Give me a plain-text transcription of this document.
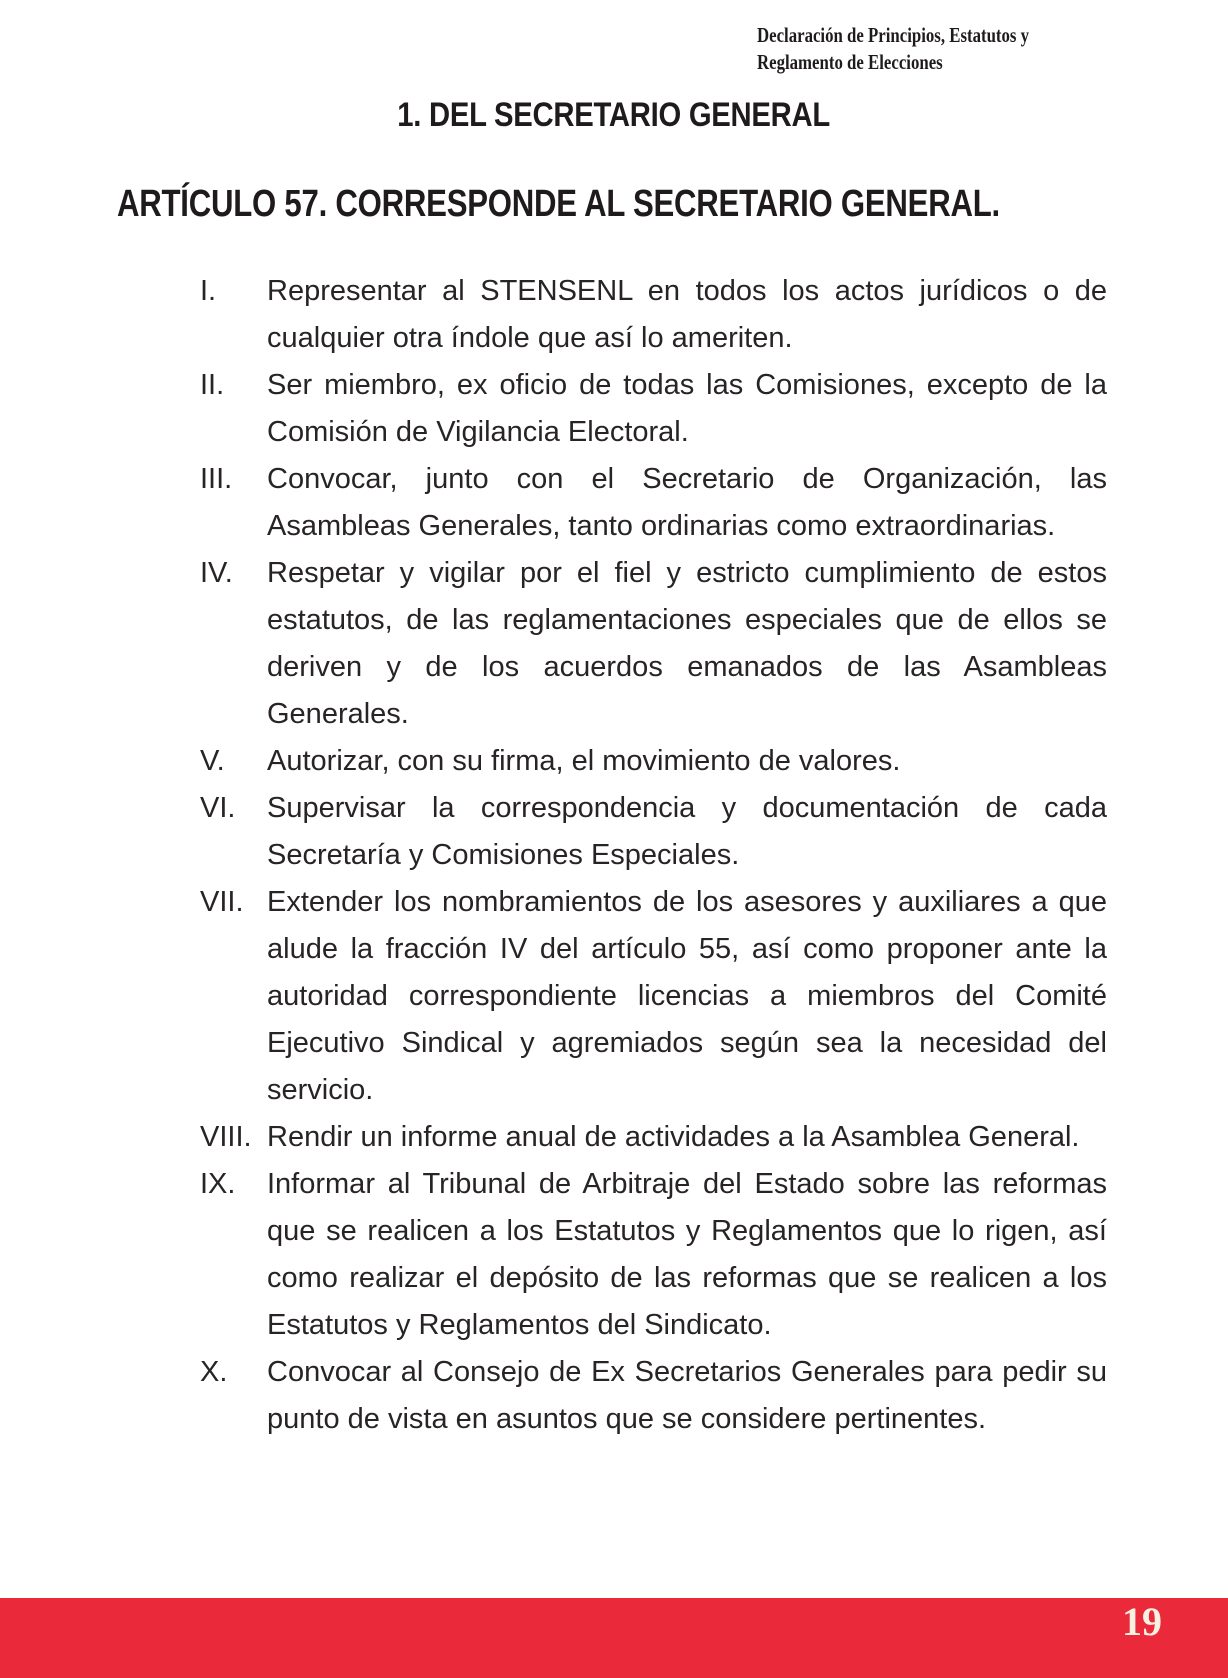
Declaración de Principios, Estatutos y
Reglamento de Elecciones
1. DEL SECRETARIO GENERAL
ARTÍCULO 57. CORRESPONDE AL SECRETARIO GENERAL.
I.	Representar al STENSENL en todos los actos jurídicos o de cualquier otra índole que así lo ameriten.
II.	Ser miembro, ex oficio de todas las Comisiones, excepto de la Comisión de Vigilancia Electoral.
III.	Convocar, junto con el Secretario de Organización, las Asambleas Generales, tanto ordinarias como extraordinarias.
IV.	Respetar y vigilar por el fiel y estricto cumplimiento de estos estatutos, de las reglamentaciones especiales que de ellos se deriven y de los acuerdos emanados de las Asambleas Generales.
V.	Autorizar, con su firma, el movimiento de valores.
VI.	Supervisar la correspondencia y documentación de cada Secretaría y Comisiones Especiales.
VII. Extender los nombramientos de los asesores y auxiliares a que alude la fracción IV del artículo 55, así como proponer ante la autoridad correspondiente licencias a miembros del Comité Ejecutivo Sindical y agremiados según sea la necesidad del servicio.
VIII. Rendir un informe anual de actividades a la Asamblea General.
IX.	Informar al Tribunal de Arbitraje del Estado sobre las reformas que se realicen a los Estatutos y Reglamentos que lo rigen, así como realizar el depósito de las reformas que se realicen a los Estatutos y Reglamentos del Sindicato.
X.	Convocar al Consejo de Ex Secretarios Generales para pedir su punto de vista en asuntos que se considere pertinentes.
19
